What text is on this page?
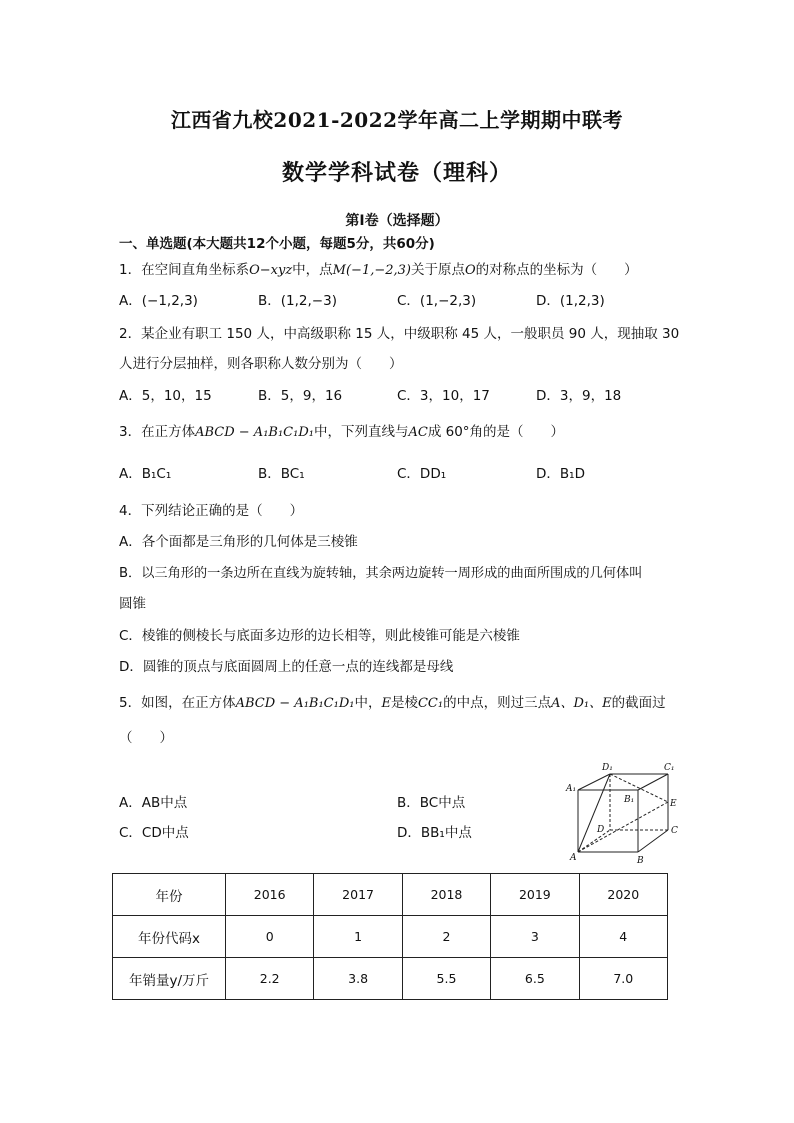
江西省九校2021-2022学年高二上学期期中联考
数学学科试卷（理科）
第I卷（选择题）
一、单选题(本大题共12个小题，每题5分，共60分)
1．在空间直角坐标系O−xyz中，点M(−1,−2,3)关于原点O的对称点的坐标为（　　）
A．(−1,2,3)	B．(1,2,−3)	C．(1,−2,3)	D．(1,2,3)
2．某企业有职工 150 人，中高级职称 15 人，中级职称 45 人，一般职员 90 人，现抽取 30
人进行分层抽样，则各职称人数分别为（　　）
A．5，10，15	B．5，9，16	C．3，10，17	D．3，9，18
3．在正方体ABCD − A₁B₁C₁D₁中，下列直线与AC成 60°角的是（　　）
A．B₁C₁	B．BC₁	C．DD₁	D．B₁D
4．下列结论正确的是（　　）
A．各个面都是三角形的几何体是三棱锥
B．以三角形的一条边所在直线为旋转轴，其余两边旋转一周形成的曲面所围成的几何体叫
圆锥
C．棱锥的侧棱长与底面多边形的边长相等，则此棱锥可能是六棱锥
D．圆锥的顶点与底面圆周上的任意一点的连线都是母线
5．如图，在正方体ABCD − A₁B₁C₁D₁中，E是棱CC₁的中点，则过三点A、D₁、E的截面过
（　　）
A．AB中点	B．BC中点
C．CD中点	D．BB₁中点
D₁	C₁
A₁
B₁	E
D	C
A	B
年份	2016	2017	2018	2019	2020
年份代码x	0	1	2	3	4
年销量y/万斤	2.2	3.8	5.5	6.5	7.0
